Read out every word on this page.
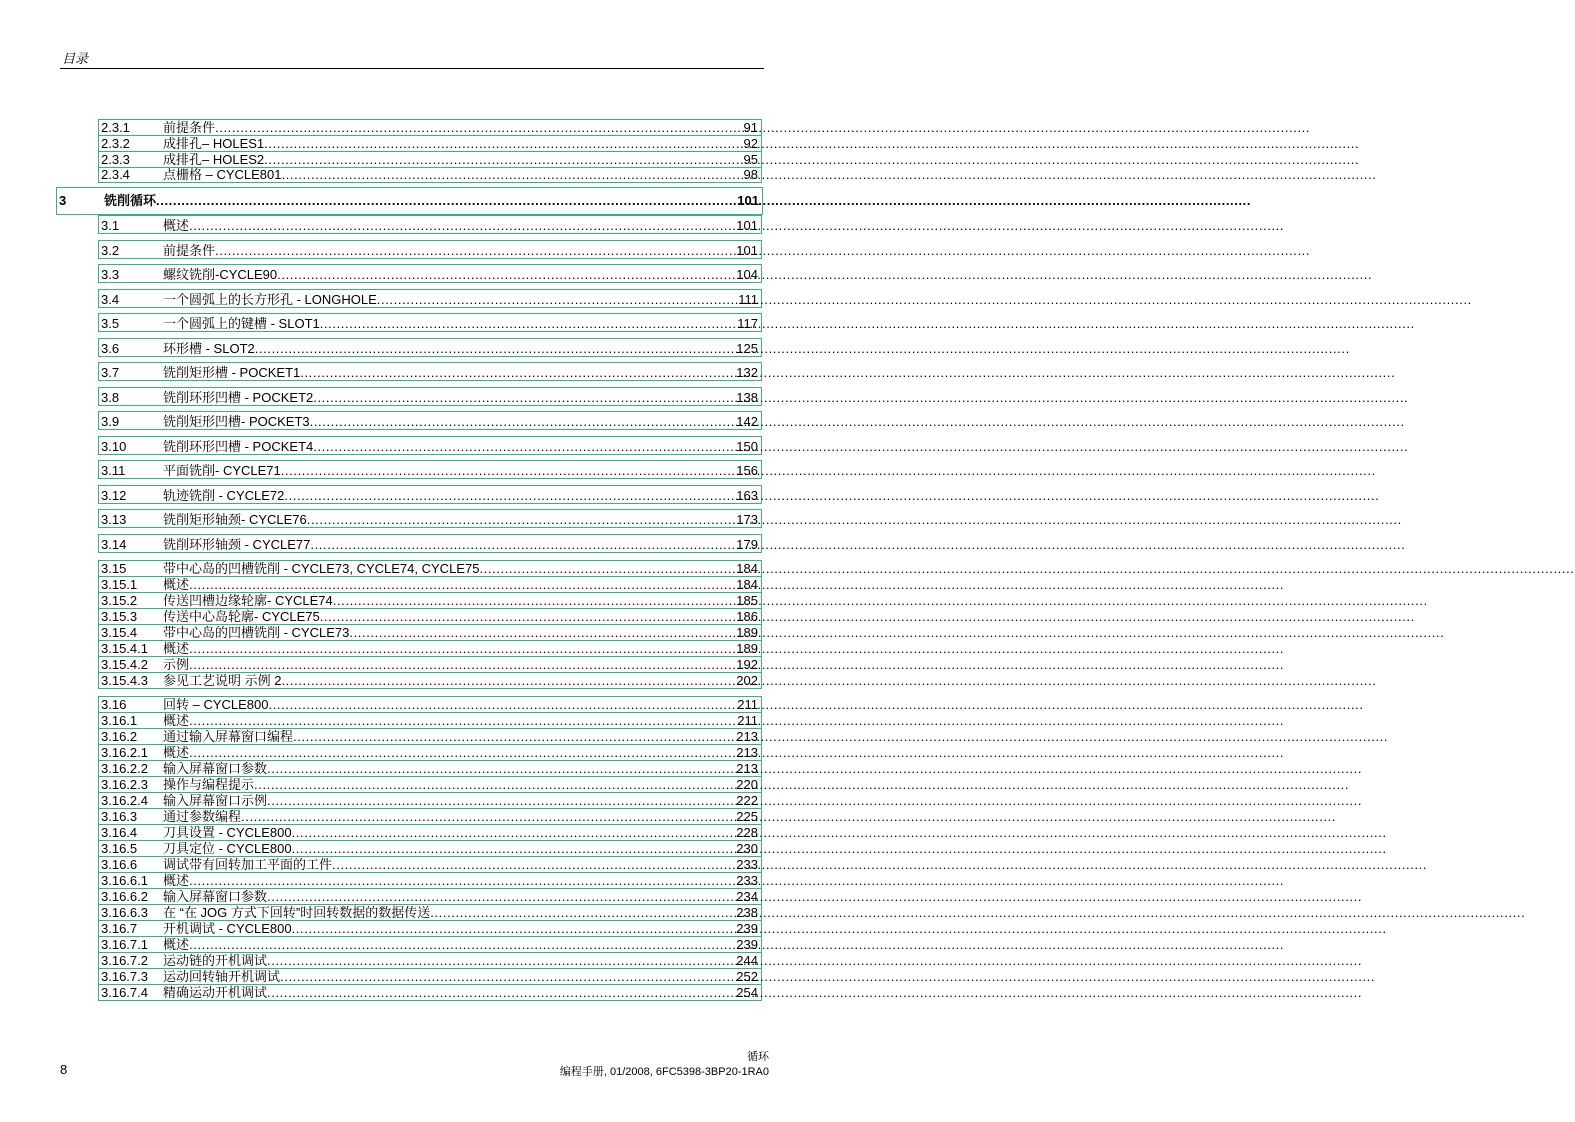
目录
2.3.1	前提条件 .....	91
2.3.2	成排孔– HOLES1 .....	92
2.3.3	成排孔– HOLES2 .....	95
2.3.4	点栅格 – CYCLE801 .....	98
3	铣削循环 .....	101
3.1	概述 .....	101
3.2	前提条件 .....	101
3.3	螺纹铣削-CYCLE90 .....	104
3.4	一个圆弧上的长方形孔 - LONGHOLE .....	111
3.5	一个圆弧上的键槽 - SLOT1 .....	117
3.6	环形槽 - SLOT2 .....	125
3.7	铣削矩形槽 - POCKET1 .....	132
3.8	铣削环形凹槽 - POCKET2 .....	138
3.9	铣削矩形凹槽- POCKET3 .....	142
3.10	铣削环形凹槽 - POCKET4 .....	150
3.11	平面铣削- CYCLE71 .....	156
3.12	轨迹铣削 - CYCLE72 .....	163
3.13	铣削矩形轴颈- CYCLE76 .....	173
3.14	铣削环形轴颈 - CYCLE77 .....	179
3.15	带中心岛的凹槽铣削 - CYCLE73, CYCLE74, CYCLE75 .....	184
3.15.1	概述 .....	184
3.15.2	传送凹槽边缘轮廓- CYCLE74 .....	185
3.15.3	传送中心岛轮廓- CYCLE75 .....	186
3.15.4	带中心岛的凹槽铣削 - CYCLE73 .....	189
3.15.4.1	概述 .....	189
3.15.4.2	示例 .....	192
3.15.4.3	参见工艺说明 示例 2 .....	202
3.16	回转 – CYCLE800 .....	211
3.16.1	概述 .....	211
3.16.2	通过输入屏幕窗口编程 .....	213
3.16.2.1	概述 .....	213
3.16.2.2	输入屏幕窗口参数 .....	213
3.16.2.3	操作与编程提示 .....	220
3.16.2.4	输入屏幕窗口示例 .....	222
3.16.3	通过参数编程 .....	225
3.16.4	刀具设置 - CYCLE800 .....	228
3.16.5	刀具定位 - CYCLE800 .....	230
3.16.6	调试带有回转加工平面的工件 .....	233
3.16.6.1	概述 .....	233
3.16.6.2	输入屏幕窗口参数 .....	234
3.16.6.3	在 “在 JOG 方式下回转”时回转数据的数据传送 .....	238
3.16.7	开机调试 - CYCLE800 .....	239
3.16.7.1	概述 .....	239
3.16.7.2	运动链的开机调试 .....	244
3.16.7.3	运动回转轴开机调试 .....	252
3.16.7.4	精确运动开机调试 .....	254
8
循环
编程手册, 01/2008, 6FC5398-3BP20-1RA0
